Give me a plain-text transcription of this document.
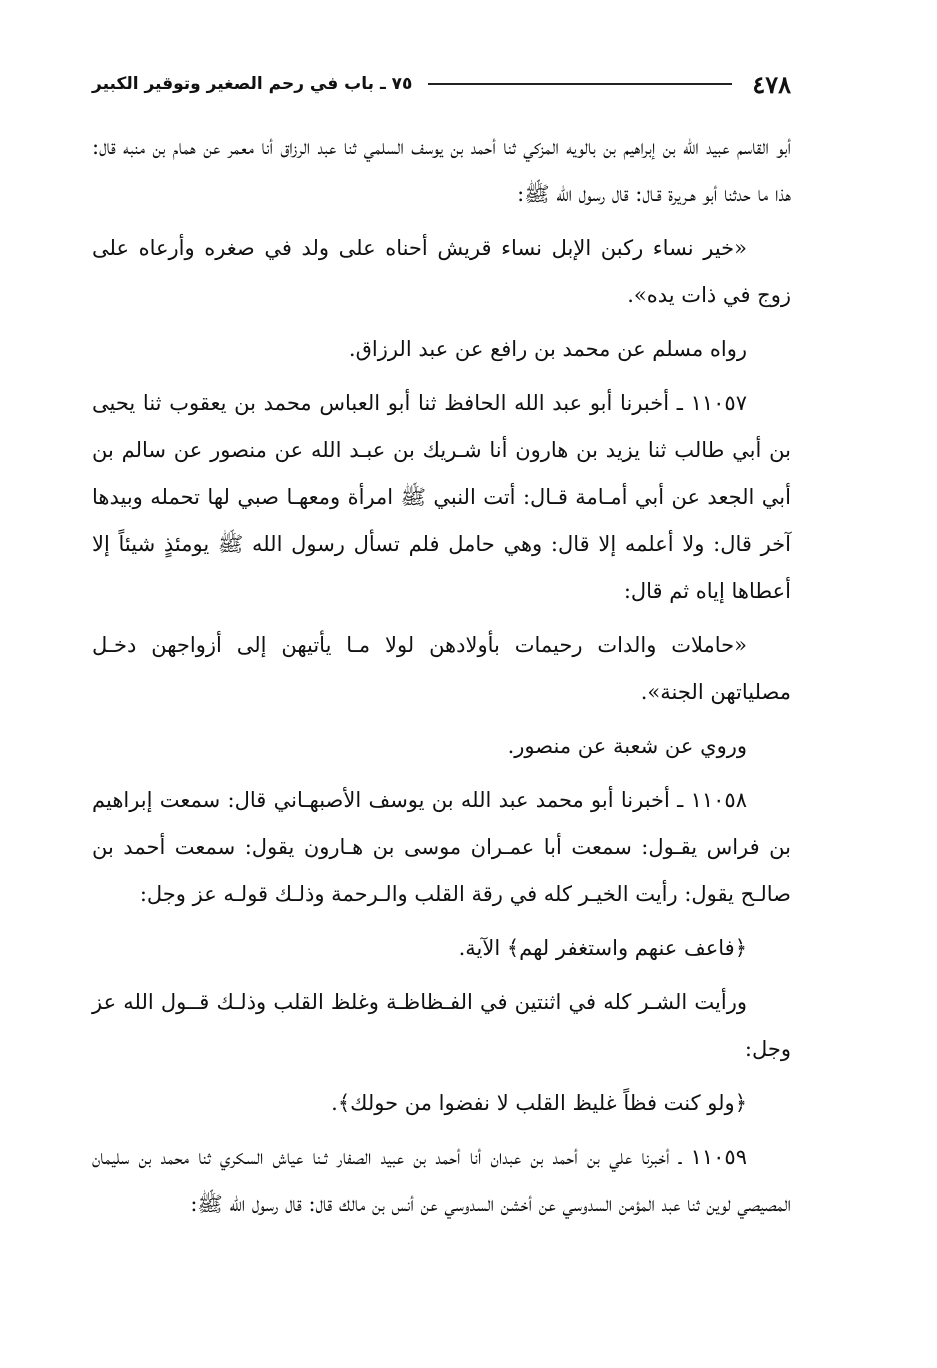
٤٧٨
٧٥ ـ باب في رحم الصغير وتوقير الكبير

أبو القاسم عبيد الله بن إبراهيم بن بالويه المزكي ثنا أحمد بن يوسف السلمي ثنا عبد الرزاق أنا معمر عن همام بن منبه قال: هذا ما حدثنا أبو هـريرة قـال: قال رسول الله ﷺ:

«خير نساء ركبن الإبل نساء قريش أحناه على ولد في صغره وأرعاه على زوج في ذات يده».

رواه مسلم عن محمد بن رافع عن عبد الرزاق.

١١٠٥٧ ـ أخبرنا أبو عبد الله الحافظ ثنا أبو العباس محمد بن يعقوب ثنا يحيى بن أبي طالب ثنا يزيد بن هارون أنا شـريك بن عبـد الله عن منصور عن سالم بن أبي الجعد عن أبي أمـامة قـال: أتت النبي ﷺ امرأة ومعهـا صبي لها تحمله وبيدها آخر قال: ولا أعلمه إلا قال: وهي حامل فلم تسأل رسول الله ﷺ يومئذٍ شيئاً إلا أعطاها إياه ثم قال:

«حاملات والدات رحيمات بأولادهن لولا مـا يأتيهن إلى أزواجهن دخـل مصلياتهن الجنة».

وروي عن شعبة عن منصور.

١١٠٥٨ ـ أخبرنا أبو محمد عبد الله بن يوسف الأصبهـاني قال: سمعت إبراهيم بن فراس يقـول: سمعت أبا عمـران موسى بن هـارون يقول: سمعت أحمد بن صالـح يقول: رأيت الخيـر كله في رقة القلب والـرحمة وذلـك قولـه عز وجل:

﴿فاعف عنهم واستغفر لهم﴾ الآية.

ورأيت الشـر كله في اثنتين في الفـظاظـة وغلظ القلب وذلـك قــول الله عز وجل:

﴿ولو كنت فظاً غليظ القلب لا نفضوا من حولك﴾.

١١٠٥٩ ـ أخبرنا علي بن أحمد بن عبدان أنا أحمد بن عبيد الصفار ثـنا عياش السكري ثنا محمد بن سليمان المصيصي لوين ثنا عبد المؤمن السدوسي عن أخشن السدوسي عن أنس بن مالك قال: قال رسول الله ﷺ:
